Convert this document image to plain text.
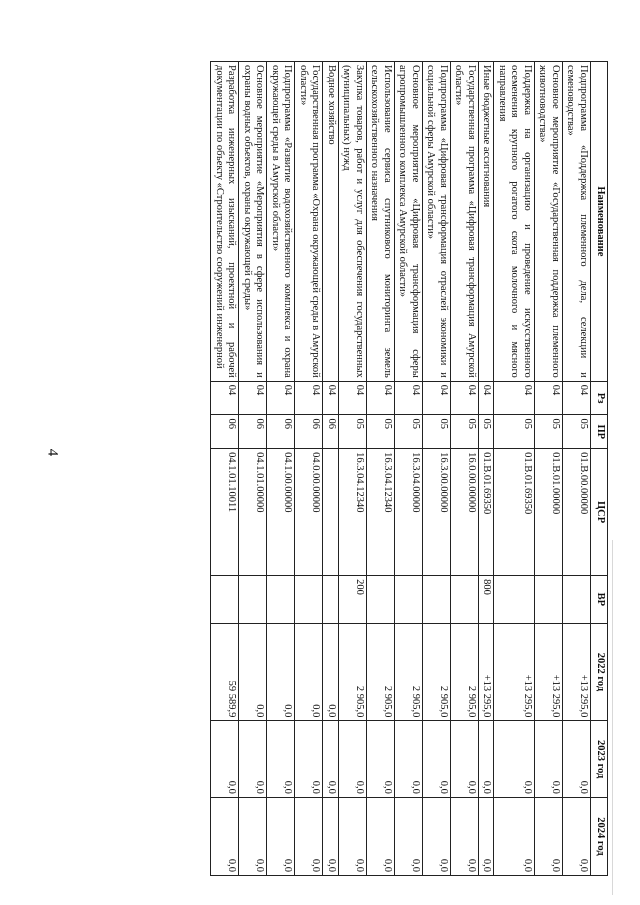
4
Наименование	Рз	ПР	ЦСР	ВР	2022 год	2023 год	2024 год
Подпрограмма «Поддержка племенного дела, селекции и семеноводства»	04	05	01.В.00.00000		+13 295,0	0,0	0,0
Основное мероприятие «Государственная поддержка племенного животноводства»	04	05	01.В.01.00000		+13 295,0	0,0	0,0
Поддержка на организацию и проведение искусственного осеменения крупного рогатого скота молочного и мясного направления	04	05	01.В.01.69350		+13 295,0	0,0	0,0
Иные бюджетные ассигнования	04	05	01.В.01.69350	800	+13 295,0	0,0	0,0
Государственная программа «Цифровая трансформация Амурской области»	04	05	16.0.00.00000		2 905,0	0,0	0,0
Подпрограмма «Цифровая трансформация отраслей экономики и социальной сферы Амурской области»	04	05	16.3.00.00000		2 905,0	0,0	0,0
Основное мероприятие «Цифровая трансформация сферы агропромышленного комплекса Амурской области»	04	05	16.3.04.00000		2 905,0	0,0	0,0
Использование сервиса спутникового мониторинга земель сельскохозяйственного назначения	04	05	16.3.04.12340		2 905,0	0,0	0,0
Закупка товаров, работ и услуг для обеспечения государственных (муниципальных) нужд	04	05	16.3.04.12340	200	2 905,0	0,0	0,0
Водное хозяйство	04	06			0,0	0,0	0,0
Государственная программа «Охрана окружающей среды в Амурской области»	04	06	04.0.00.00000		0,0	0,0	0,0
Подпрограмма «Развитие водохозяйственного комплекса и охрана окружающей среды в Амурской области»	04	06	04.1.00.00000		0,0	0,0	0,0
Основное мероприятие «Мероприятия в сфере использования и охраны водных объектов, охраны окружающей среды»	04	06	04.1.01.00000		0,0	0,0	0,0
Разработка инженерных изысканий, проектной и рабочей документации по объекту «Строительство сооружений инженерной	04	06	04.1.01.10011		59 589,9	0,0	0,0
